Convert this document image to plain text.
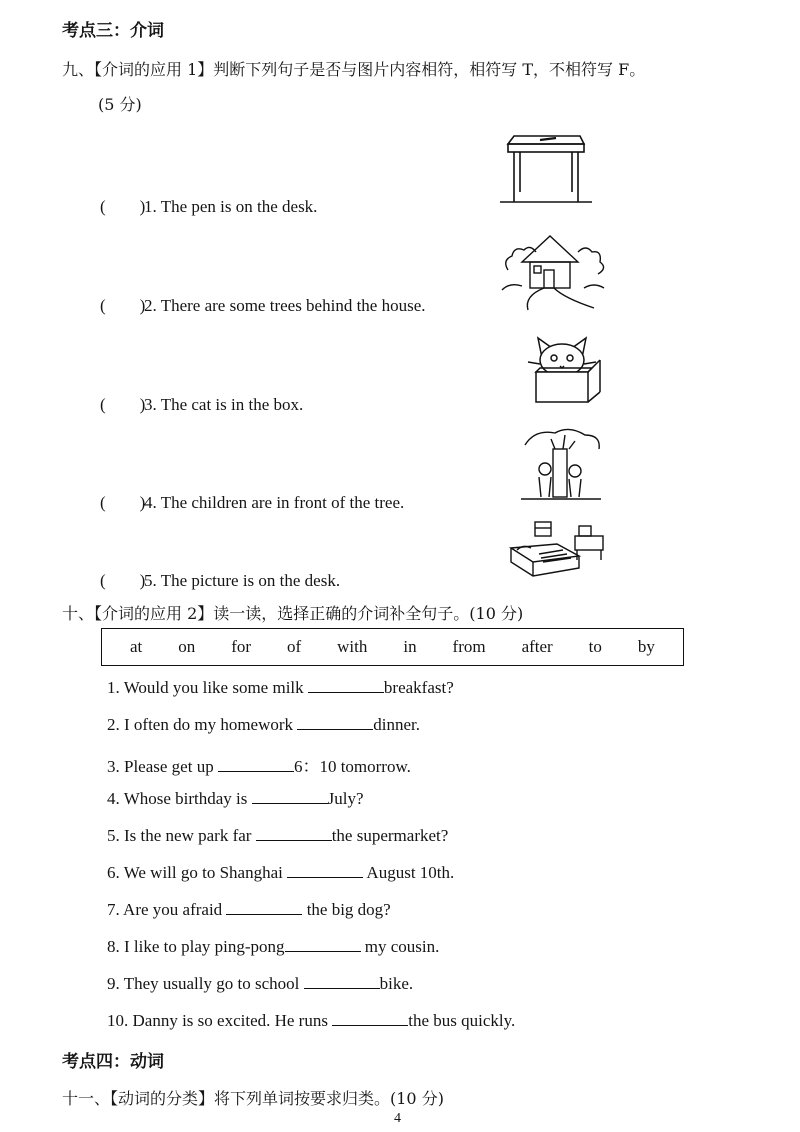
考点三：介词
九、【介词的应用 1】判断下列句子是否与图片内容相符，相符写 T，不相符写 F。
(5 分)
(　　)1. The pen is on the desk.
(　　)2. There are some trees behind the house.
(　　)3. The cat is in the box.
(　　)4. The children are in front of the tree.
(　　)5. The picture is on the desk.
十、【介词的应用 2】读一读，选择正确的介词补全句子。(10 分)
at on for of with in from after to by
1. Would you like some milk	breakfast?
2. I often do my homework	dinner.
3. Please get up	6：10 tomorrow.
4. Whose birthday is	July?
5. Is the new park far	the supermarket?
6. We will go to Shanghai	August 10th.
7. Are you afraid	the big dog?
8. I like to play ping-pong	my cousin.
9. They usually go to school	bike.
10. Danny is so excited. He runs	the bus quickly.
考点四：动词
十一、【动词的分类】将下列单词按要求归类。(10 分)
4
